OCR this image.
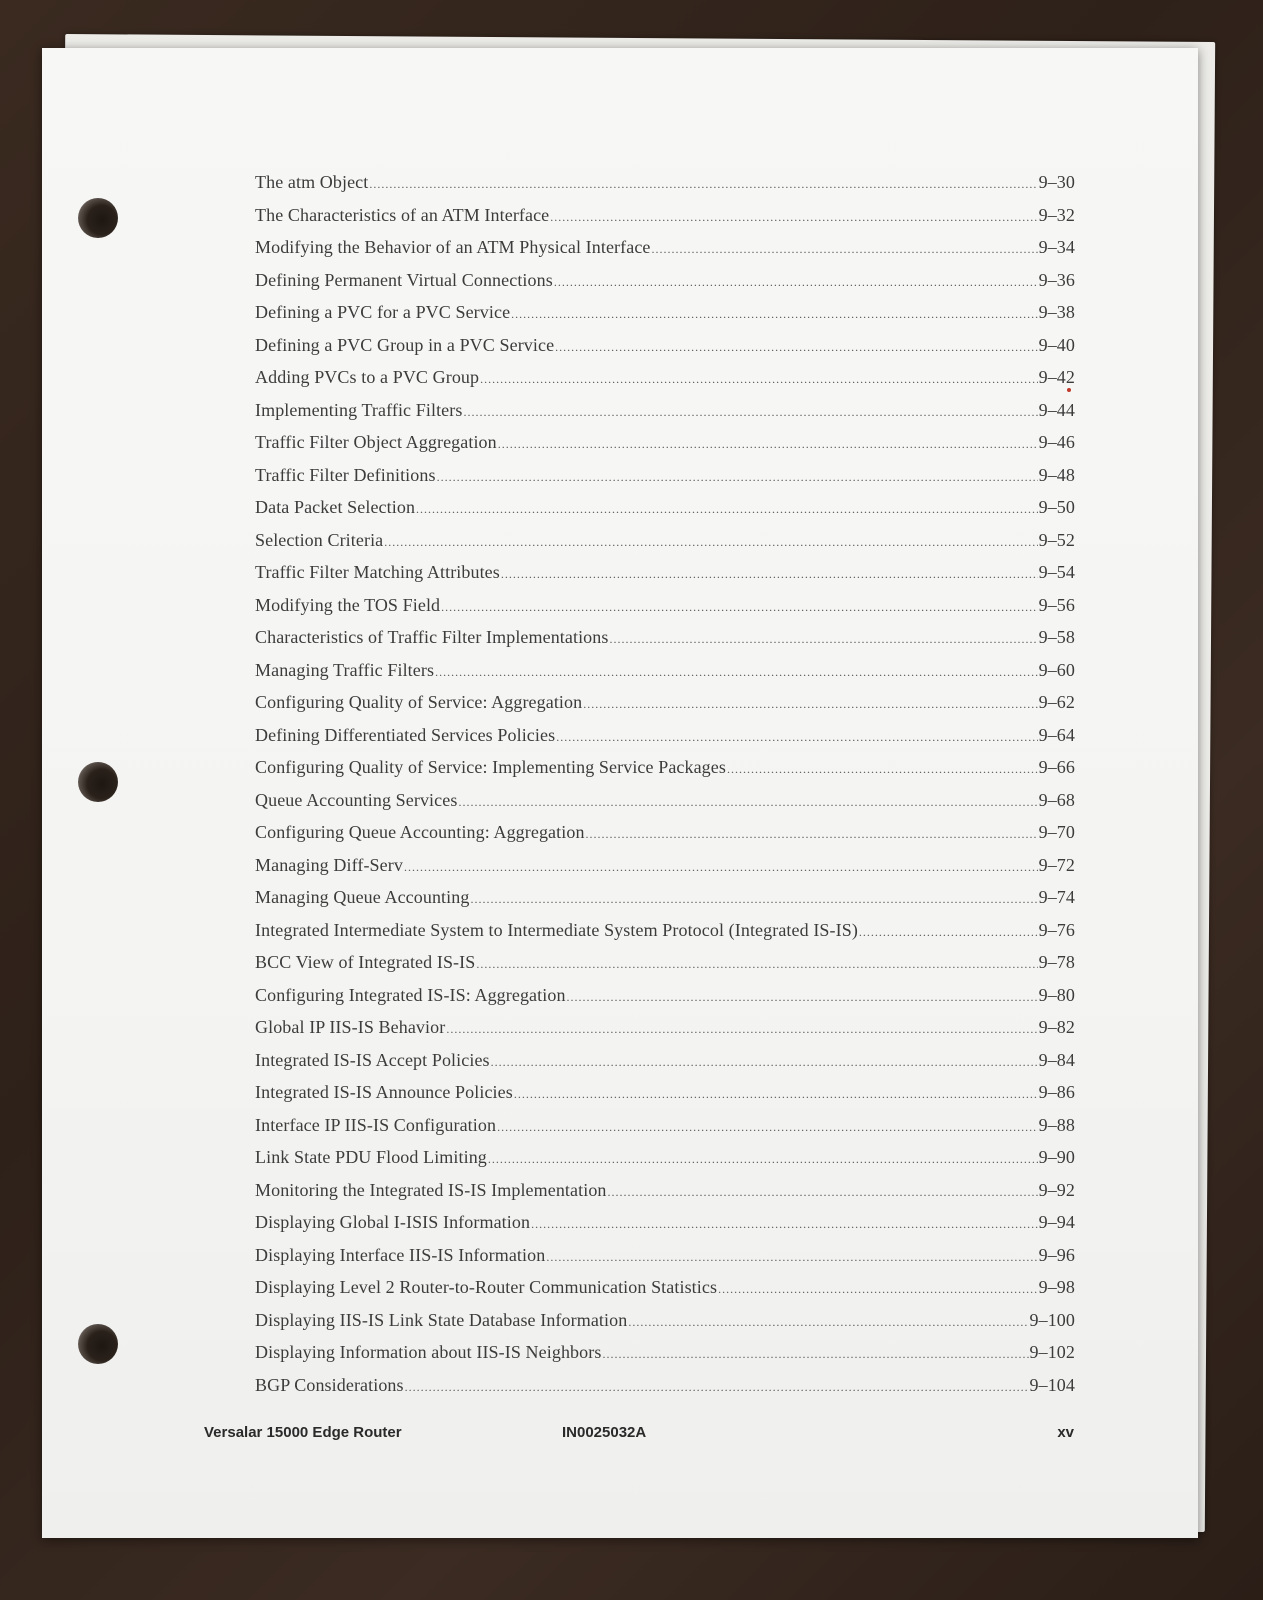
The atm Object .....	9–30
The Characteristics of an ATM Interface .....	9–32
Modifying the Behavior of an ATM Physical Interface .....	9–34
Defining Permanent Virtual Connections .....	9–36
Defining a PVC for a PVC Service .....	9–38
Defining a PVC Group in a PVC Service .....	9–40
Adding PVCs to a PVC Group .....	9–42
Implementing Traffic Filters .....	9–44
Traffic Filter Object Aggregation .....	9–46
Traffic Filter Definitions .....	9–48
Data Packet Selection .....	9–50
Selection Criteria .....	9–52
Traffic Filter Matching Attributes .....	9–54
Modifying the TOS Field .....	9–56
Characteristics of Traffic Filter Implementations .....	9–58
Managing Traffic Filters .....	9–60
Configuring Quality of Service: Aggregation .....	9–62
Defining Differentiated Services Policies .....	9–64
Configuring Quality of Service: Implementing Service Packages .....	9–66
Queue Accounting Services .....	9–68
Configuring Queue Accounting: Aggregation .....	9–70
Managing Diff-Serv .....	9–72
Managing Queue Accounting .....	9–74
Integrated Intermediate System to Intermediate System Protocol (Integrated IS-IS) .....	9–76
BCC View of Integrated IS-IS .....	9–78
Configuring Integrated IS-IS: Aggregation .....	9–80
Global IP IIS-IS Behavior .....	9–82
Integrated IS-IS Accept Policies .....	9–84
Integrated IS-IS Announce Policies .....	9–86
Interface IP IIS-IS Configuration .....	9–88
Link State PDU Flood Limiting .....	9–90
Monitoring the Integrated IS-IS Implementation .....	9–92
Displaying Global I-ISIS Information .....	9–94
Displaying Interface IIS-IS Information .....	9–96
Displaying Level 2 Router-to-Router Communication Statistics .....	9–98
Displaying IIS-IS Link State Database Information .....	9–100
Displaying Information about IIS-IS Neighbors .....	9–102
BGP Considerations .....	9–104
Versalar 15000 Edge Router	IN0025032A	xv
